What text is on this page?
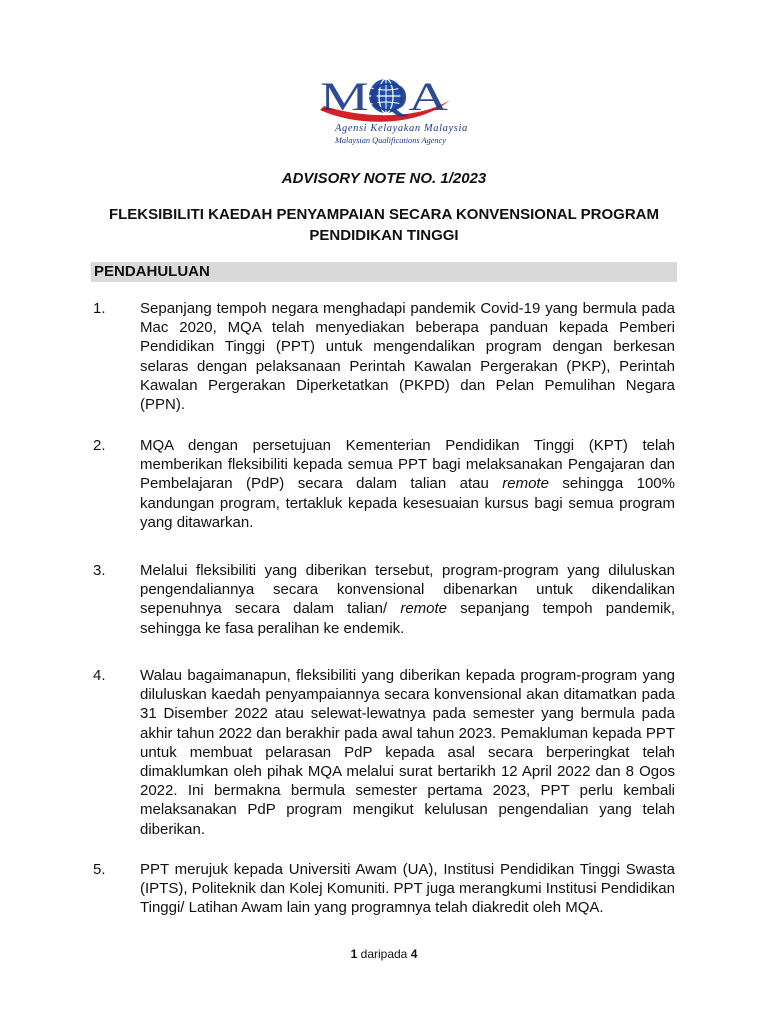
MQA
Agensi Kelayakan Malaysia
Malaysian Qualifications Agency
ADVISORY NOTE NO. 1/2023
FLEKSIBILITI KAEDAH PENYAMPAIAN SECARA KONVENSIONAL PROGRAM PENDIDIKAN TINGGI
PENDAHULUAN
1. Sepanjang tempoh negara menghadapi pandemik Covid-19 yang bermula pada Mac 2020, MQA telah menyediakan beberapa panduan kepada Pemberi Pendidikan Tinggi (PPT) untuk mengendalikan program dengan berkesan selaras dengan pelaksanaan Perintah Kawalan Pergerakan (PKP), Perintah Kawalan Pergerakan Diperketatkan (PKPD) dan Pelan Pemulihan Negara (PPN).
2. MQA dengan persetujuan Kementerian Pendidikan Tinggi (KPT) telah memberikan fleksibiliti kepada semua PPT bagi melaksanakan Pengajaran dan Pembelajaran (PdP) secara dalam talian atau remote sehingga 100% kandungan program, tertakluk kepada kesesuaian kursus bagi semua program yang ditawarkan.
3. Melalui fleksibiliti yang diberikan tersebut, program-program yang diluluskan pengendaliannya secara konvensional dibenarkan untuk dikendalikan sepenuhnya secara dalam talian/ remote sepanjang tempoh pandemik, sehingga ke fasa peralihan ke endemik.
4. Walau bagaimanapun, fleksibiliti yang diberikan kepada program-program yang diluluskan kaedah penyampaiannya secara konvensional akan ditamatkan pada 31 Disember 2022 atau selewat-lewatnya pada semester yang bermula pada akhir tahun 2022 dan berakhir pada awal tahun 2023. Pemakluman kepada PPT untuk membuat pelarasan PdP kepada asal secara berperingkat telah dimaklumkan oleh pihak MQA melalui surat bertarikh 12 April 2022 dan 8 Ogos 2022. Ini bermakna bermula semester pertama 2023, PPT perlu kembali melaksanakan PdP program mengikut kelulusan pengendalian yang telah diberikan.
5. PPT merujuk kepada Universiti Awam (UA), Institusi Pendidikan Tinggi Swasta (IPTS), Politeknik dan Kolej Komuniti. PPT juga merangkumi Institusi Pendidikan Tinggi/ Latihan Awam lain yang programnya telah diakredit oleh MQA.
1 daripada 4
